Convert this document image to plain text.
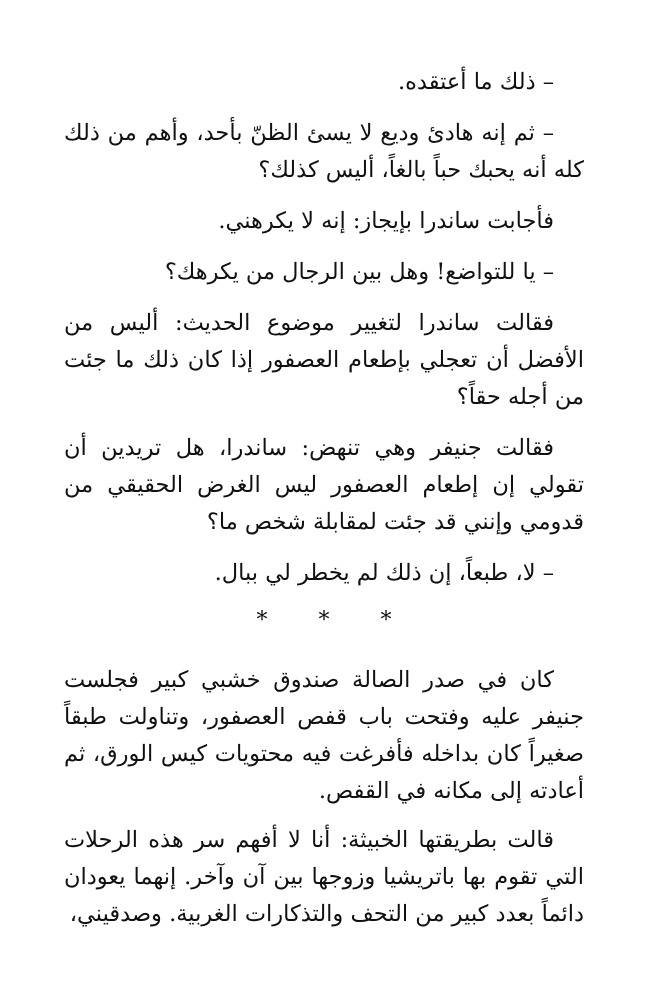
– ذلك ما أعتقده.

– ثم إنه هادئ وديع لا يسئ الظنّ بأحد، وأهم من ذلك كله أنه يحبك حباً بالغاً، أليس كذلك؟

فأجابت ساندرا بإيجاز: إنه لا يكرهني.

– يا للتواضع! وهل بين الرجال من يكرهك؟

فقالت ساندرا لتغيير موضوع الحديث: أليس من الأفضل أن تعجلي بإطعام العصفور إذا كان ذلك ما جئت من أجله حقاً؟

فقالت جنيفر وهي تنهض: ساندرا، هل تريدين أن تقولي إن إطعام العصفور ليس الغرض الحقيقي من قدومي وإنني قد جئت لمقابلة شخص ما؟

– لا، طبعاً، إن ذلك لم يخطر لي ببال.

* * *

كان في صدر الصالة صندوق خشبي كبير فجلست جنيفر عليه وفتحت باب قفص العصفور، وتناولت طبقاً صغيراً كان بداخله فأفرغت فيه محتويات كيس الورق، ثم أعادته إلى مكانه في القفص.

قالت بطريقتها الخبيثة: أنا لا أفهم سر هذه الرحلات التي تقوم بها باتريشيا وزوجها بين آن وآخر. إنهما يعودان دائماً بعدد كبير من التحف والتذكارات الغربية. وصدقيني،
